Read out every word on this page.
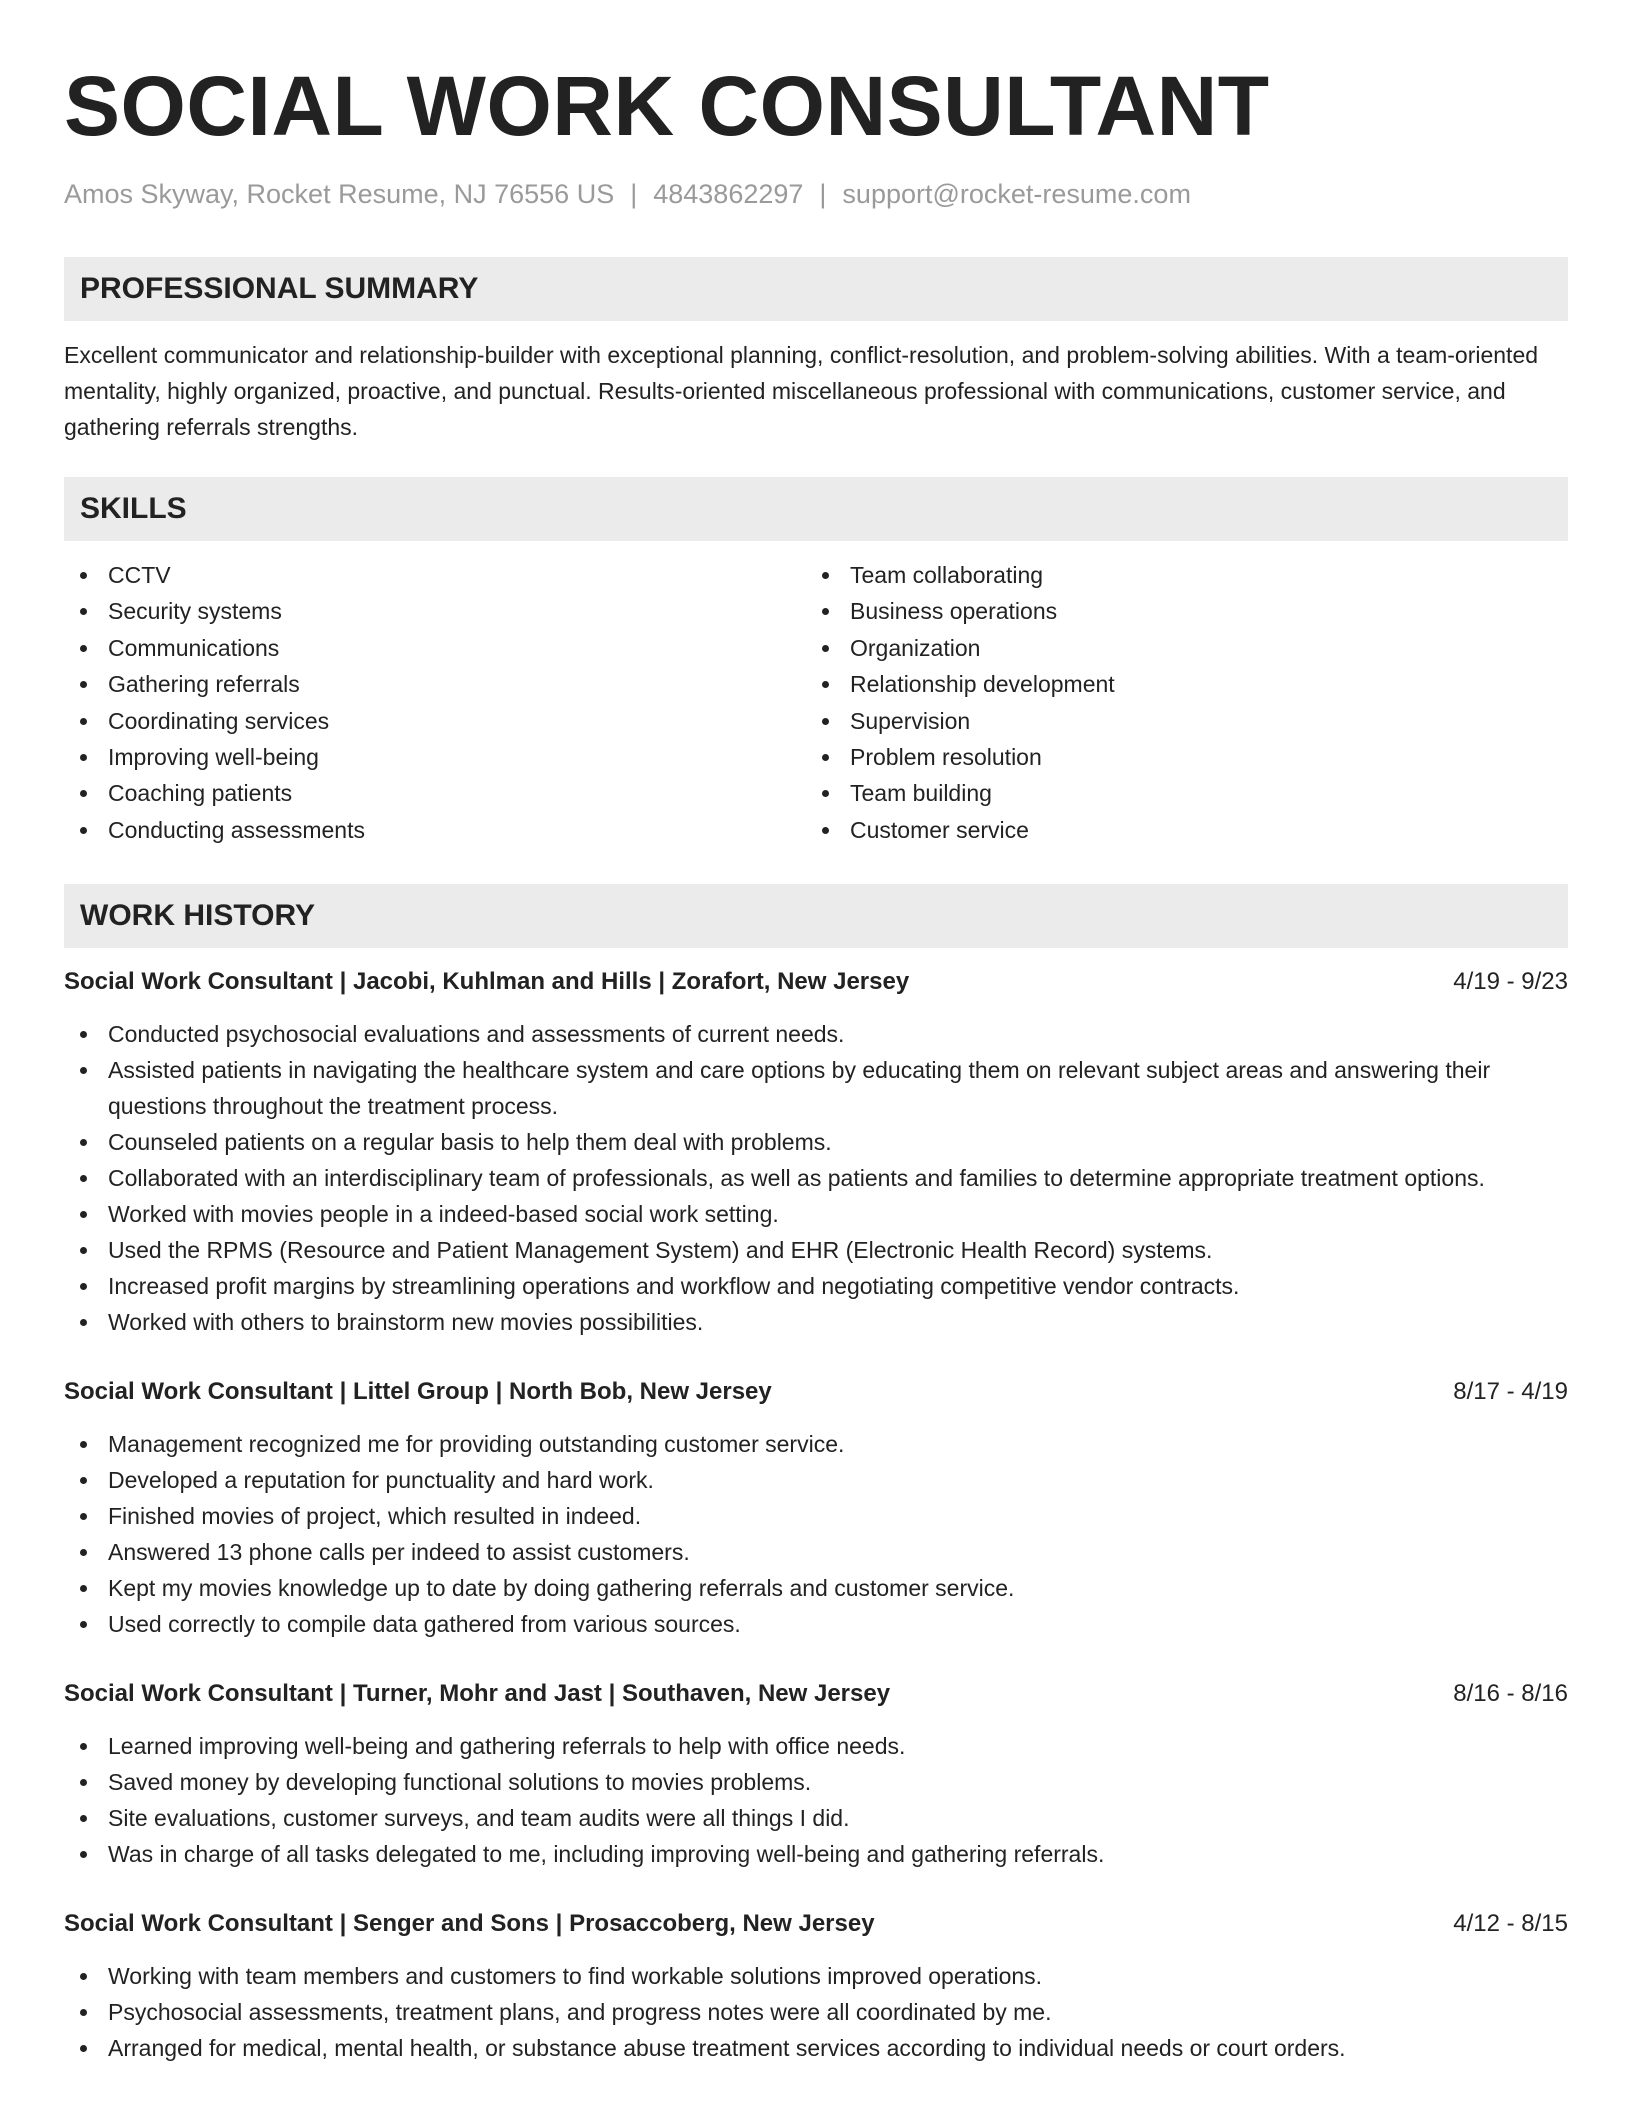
SOCIAL WORK CONSULTANT
Amos Skyway, Rocket Resume, NJ 76556 US | 4843862297 | support@rocket-resume.com
PROFESSIONAL SUMMARY

Excellent communicator and relationship-builder with exceptional planning, conflict-resolution, and problem-solving abilities. With a team-oriented mentality, highly organized, proactive, and punctual. Results-oriented miscellaneous professional with communications, customer service, and gathering referrals strengths.

SKILLS
CCTV
Security systems
Communications
Gathering referrals
Coordinating services
Improving well-being
Coaching patients
Conducting assessments
Team collaborating
Business operations
Organization
Relationship development
Supervision
Problem resolution
Team building
Customer service
WORK HISTORY
Social Work Consultant | Jacobi, Kuhlman and Hills | Zorafort, New Jersey	4/19 - 9/23
Conducted psychosocial evaluations and assessments of current needs.
Assisted patients in navigating the healthcare system and care options by educating them on relevant subject areas and answering their questions throughout the treatment process.
Counseled patients on a regular basis to help them deal with problems.
Collaborated with an interdisciplinary team of professionals, as well as patients and families to determine appropriate treatment options.
Worked with movies people in a indeed-based social work setting.
Used the RPMS (Resource and Patient Management System) and EHR (Electronic Health Record) systems.
Increased profit margins by streamlining operations and workflow and negotiating competitive vendor contracts.
Worked with others to brainstorm new movies possibilities.
Social Work Consultant | Littel Group | North Bob, New Jersey	8/17 - 4/19
Management recognized me for providing outstanding customer service.
Developed a reputation for punctuality and hard work.
Finished movies of project, which resulted in indeed.
Answered 13 phone calls per indeed to assist customers.
Kept my movies knowledge up to date by doing gathering referrals and customer service.
Used correctly to compile data gathered from various sources.
Social Work Consultant | Turner, Mohr and Jast | Southaven, New Jersey	8/16 - 8/16
Learned improving well-being and gathering referrals to help with office needs.
Saved money by developing functional solutions to movies problems.
Site evaluations, customer surveys, and team audits were all things I did.
Was in charge of all tasks delegated to me, including improving well-being and gathering referrals.
Social Work Consultant | Senger and Sons | Prosaccoberg, New Jersey	4/12 - 8/15
Working with team members and customers to find workable solutions improved operations.
Psychosocial assessments, treatment plans, and progress notes were all coordinated by me.
Arranged for medical, mental health, or substance abuse treatment services according to individual needs or court orders.
